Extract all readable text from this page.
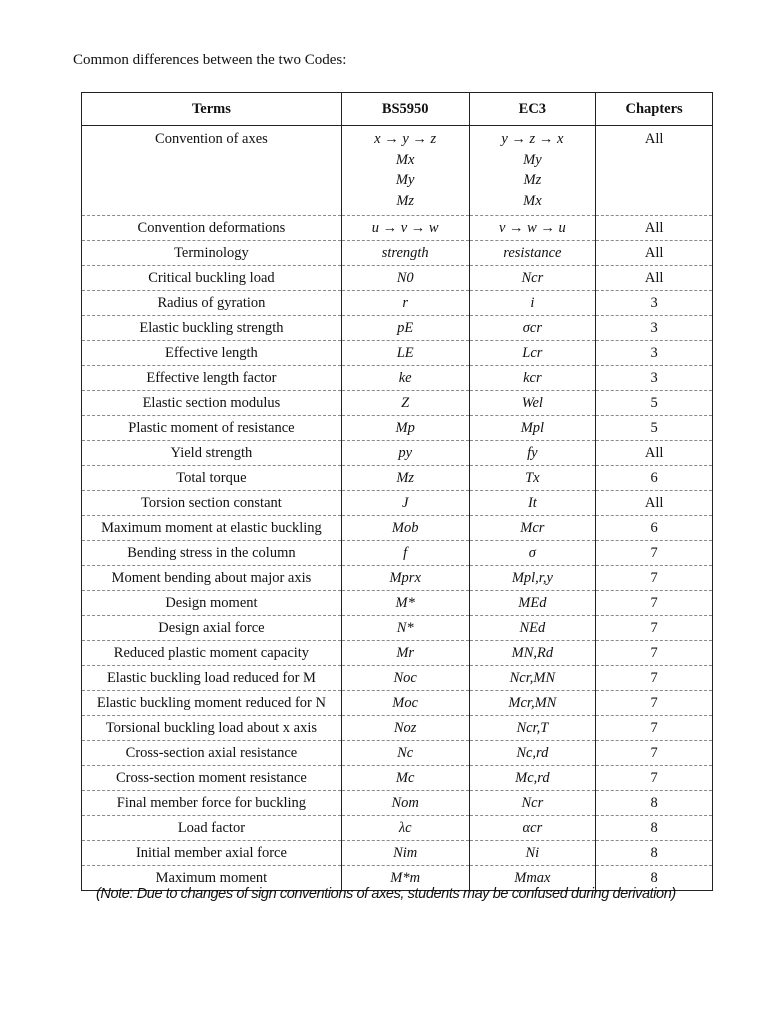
Common differences between the two Codes:
Terms	BS5950	EC3	Chapters
Convention of axes	x → y → z
Mx
My
Mz	y → z → x
My
Mz
Mx	All
Convention deformations	u → v → w	v → w → u	All
Terminology	strength	resistance	All
Critical buckling load	N0	Ncr	All
Radius of gyration	r	i	3
Elastic buckling strength	pE	σcr	3
Effective length	LE	Lcr	3
Effective length factor	ke	kcr	3
Elastic section modulus	Z	Wel	5
Plastic moment of resistance	Mp	Mpl	5
Yield strength	py	fy	All
Total torque	Mz	Tx	6
Torsion section constant	J	It	All
Maximum moment at elastic buckling	Mob	Mcr	6
Bending stress in the column	f	σ	7
Moment bending about major axis	Mprx	Mpl,r,y	7
Design moment	M*	MEd	7
Design axial force	N*	NEd	7
Reduced plastic moment capacity	Mr	MN,Rd	7
Elastic buckling load reduced for M	Noc	Ncr,MN	7
Elastic buckling moment reduced for N	Moc	Mcr,MN	7
Torsional buckling load about x axis	Noz	Ncr,T	7
Cross-section axial resistance	Nc	Nc,rd	7
Cross-section moment resistance	Mc	Mc,rd	7
Final member force for buckling	Nom	Ncr	8
Load factor	λc	αcr	8
Initial member axial force	Nim	Ni	8
Maximum moment	M*m	Mmax	8
(Note: Due to changes of sign conventions of axes, students may be confused during derivation)
